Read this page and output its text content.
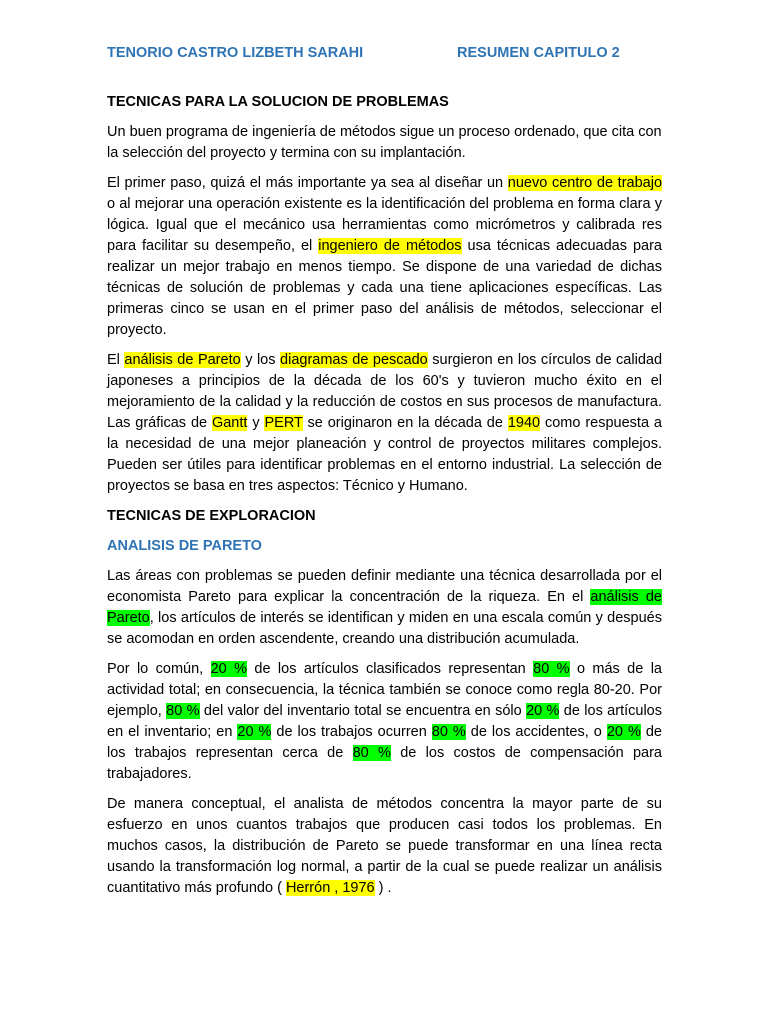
TENORIO CASTRO LIZBETH SARAHI	RESUMEN CAPITULO 2
TECNICAS PARA LA SOLUCION DE PROBLEMAS

Un buen programa de ingeniería de métodos sigue un proceso ordenado, que cita con la selección del proyecto y termina con su implantación.

El primer paso, quizá el más importante ya sea al diseñar un nuevo centro de trabajo o al mejorar una operación existente es la identificación del problema en forma clara y lógica. Igual que el mecánico usa herramientas como micrómetros y calibrada res para facilitar su desempeño, el ingeniero de métodos usa técnicas adecuadas para realizar un mejor trabajo en menos tiempo. Se dispone de una variedad de dichas técnicas de solución de problemas y cada una tiene aplicaciones específicas. Las primeras cinco se usan en el primer paso del análisis de métodos, seleccionar el proyecto.

El análisis de Pareto y los diagramas de pescado surgieron en los círculos de calidad japoneses a principios de la década de los 60's y tuvieron mucho éxito en el mejoramiento de la calidad y la reducción de costos en sus procesos de manufactura. Las gráficas de Gantt y PERT se originaron en la década de 1940 como respuesta a la necesidad de una mejor planeación y control de proyectos militares complejos. Pueden ser útiles para identificar problemas en el entorno industrial. La selección de proyectos se basa en tres aspectos: Técnico y Humano.

TECNICAS DE EXPLORACION
ANALISIS DE PARETO

Las áreas con problemas se pueden definir mediante una técnica desarrollada por el economista Pareto para explicar la concentración de la riqueza. En el análisis de Pareto, los artículos de interés se identifican y miden en una escala común y después se acomodan en orden ascendente, creando una distribución acumulada.

Por lo común, 20 % de los artículos clasificados representan 80 % o más de la actividad total; en consecuencia, la técnica también se conoce como regla 80-20. Por ejemplo, 80 % del valor del inventario total se encuentra en sólo 20 % de los artículos en el inventario; en 20 % de los trabajos ocurren 80 % de los accidentes, o 20 % de los trabajos representan cerca de 80 % de los costos de compensación para trabajadores.

De manera conceptual, el analista de métodos concentra la mayor parte de su esfuerzo en unos cuantos trabajos que producen casi todos los problemas. En muchos casos, la distribución de Pareto se puede transformar en una línea recta usando la transformación log normal, a partir de la cual se puede realizar un análisis cuantitativo más profundo ( Herrón , 1976 ) .
